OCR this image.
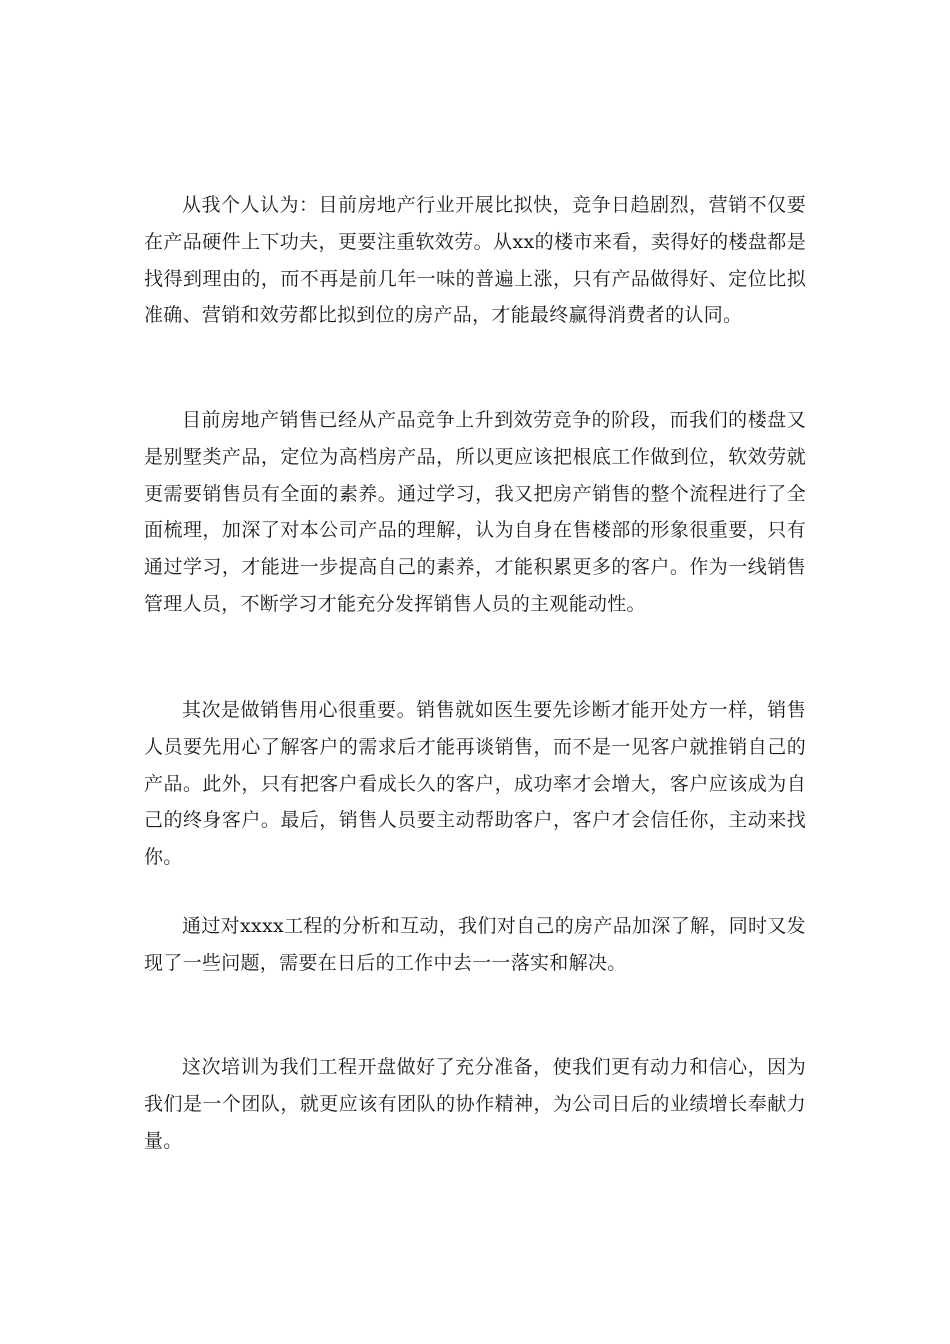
从我个人认为：目前房地产行业开展比拟快，竞争日趋剧烈，营销不仅要在产品硬件上下功夫，更要注重软效劳。从xx的楼市来看，卖得好的楼盘都是找得到理由的，而不再是前几年一味的普遍上涨，只有产品做得好、定位比拟准确、营销和效劳都比拟到位的房产品，才能最终赢得消费者的认同。

目前房地产销售已经从产品竞争上升到效劳竞争的阶段，而我们的楼盘又是别墅类产品，定位为高档房产品，所以更应该把根底工作做到位，软效劳就更需要销售员有全面的素养。通过学习，我又把房产销售的整个流程进行了全面梳理，加深了对本公司产品的理解，认为自身在售楼部的形象很重要，只有通过学习，才能进一步提高自己的素养，才能积累更多的客户。作为一线销售管理人员，不断学习才能充分发挥销售人员的主观能动性。

其次是做销售用心很重要。销售就如医生要先诊断才能开处方一样，销售人员要先用心了解客户的需求后才能再谈销售，而不是一见客户就推销自己的产品。此外，只有把客户看成长久的客户，成功率才会增大，客户应该成为自己的终身客户。最后，销售人员要主动帮助客户，客户才会信任你，主动来找你。

通过对xxxx工程的分析和互动，我们对自己的房产品加深了解，同时又发现了一些问题，需要在日后的工作中去一一落实和解决。

这次培训为我们工程开盘做好了充分准备，使我们更有动力和信心，因为我们是一个团队，就更应该有团队的协作精神，为公司日后的业绩增长奉献力量。
